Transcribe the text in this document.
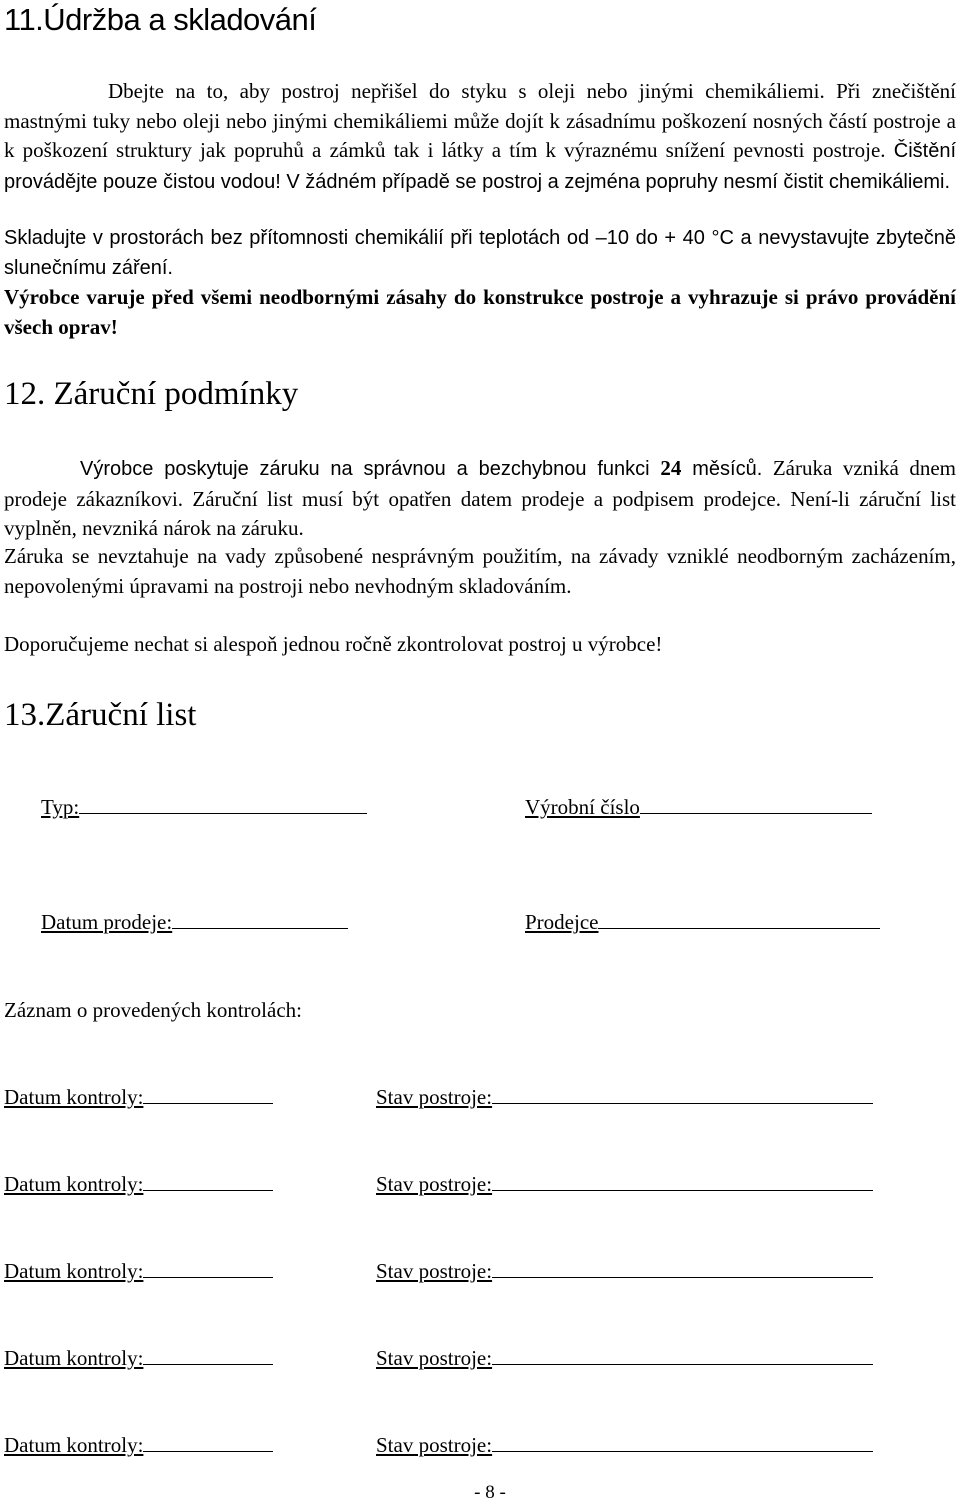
11.Údržba a skladování

Dbejte na to, aby postroj nepřišel do styku s oleji nebo jinými chemikáliemi. Při znečištění mastnými tuky nebo oleji nebo jinými chemikáliemi může dojít k zásadnímu poškození nosných částí postroje a k poškození struktury jak popruhů a zámků tak i látky a tím k výraznému snížení pevnosti postroje. Čištění provádějte pouze čistou vodou! V žádném případě se postroj a zejména popruhy nesmí čistit chemikáliemi.

Skladujte v prostorách bez přítomnosti chemikálií při teplotách od –10 do + 40 °C a nevystavujte zbytečně slunečnímu záření.

Výrobce varuje před všemi neodbornými zásahy do konstrukce postroje a vyhrazuje si právo provádění všech oprav!

12. Záruční podmínky

Výrobce poskytuje záruku na správnou a bezchybnou funkci 24 měsíců. Záruka vzniká dnem prodeje zákazníkovi. Záruční list musí být opatřen datem prodeje a podpisem prodejce. Není-li záruční list vyplněn, nevzniká nárok na záruku.

Záruka se nevztahuje na vady způsobené nesprávným použitím, na závady vzniklé neodborným zacházením, nepovolenými úpravami na postroji nebo nevhodným skladováním.

Doporučujeme nechat si alespoň jednou ročně zkontrolovat postroj u výrobce!

13.Záruční list
Typ:	Výrobní číslo
Datum prodeje:	Prodejce
Záznam o provedených kontrolách:
Datum kontroly:	Stav postroje:
Datum kontroly:	Stav postroje:
Datum kontroly:	Stav postroje:
Datum kontroly:	Stav postroje:
Datum kontroly:	Stav postroje:
- 8 -
